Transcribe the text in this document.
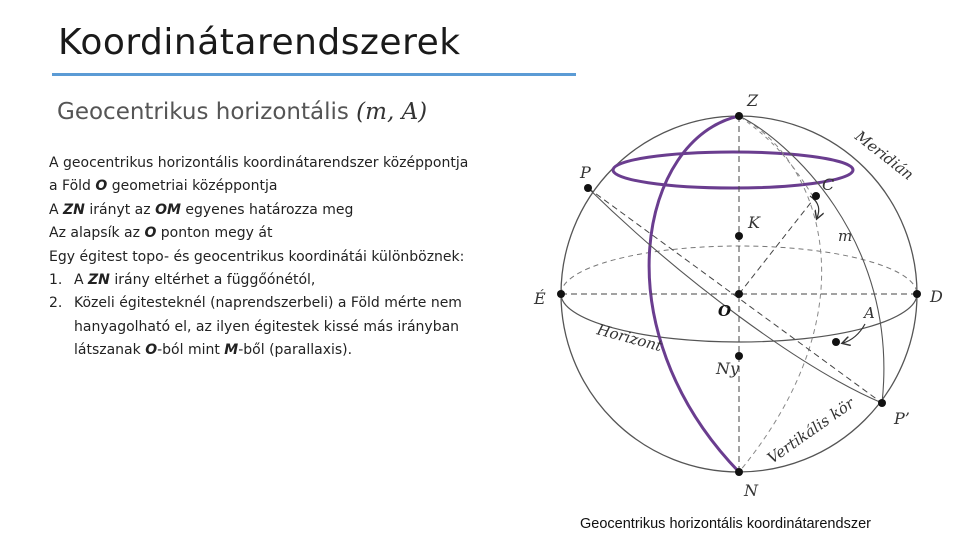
Koordinátarendszerek
Geocentrikus horizontális (m, A)
A geocentrikus horizontális koordinátarendszer középpontja
a Föld O geometriai középpontja
A ZN irányt az OM egyenes határozza meg
Az alapsík az O ponton megy át
Egy égitest topo- és geocentrikus koordinátái különböznek:
1. A ZN irány eltérhet a függőónétól,
2. Közeli égitesteknél (naprendszerbeli) a Föld mérte nem
hanyagolható el, az ilyen égitestek kissé más irányban
látszanak O-ból mint M-ből (parallaxis).
Z
P
C
K
m
É
O
D
A
Ny
P’
N
Meridián
Horizont
Vertikális kör
Geocentrikus horizontális koordinátarendszer
